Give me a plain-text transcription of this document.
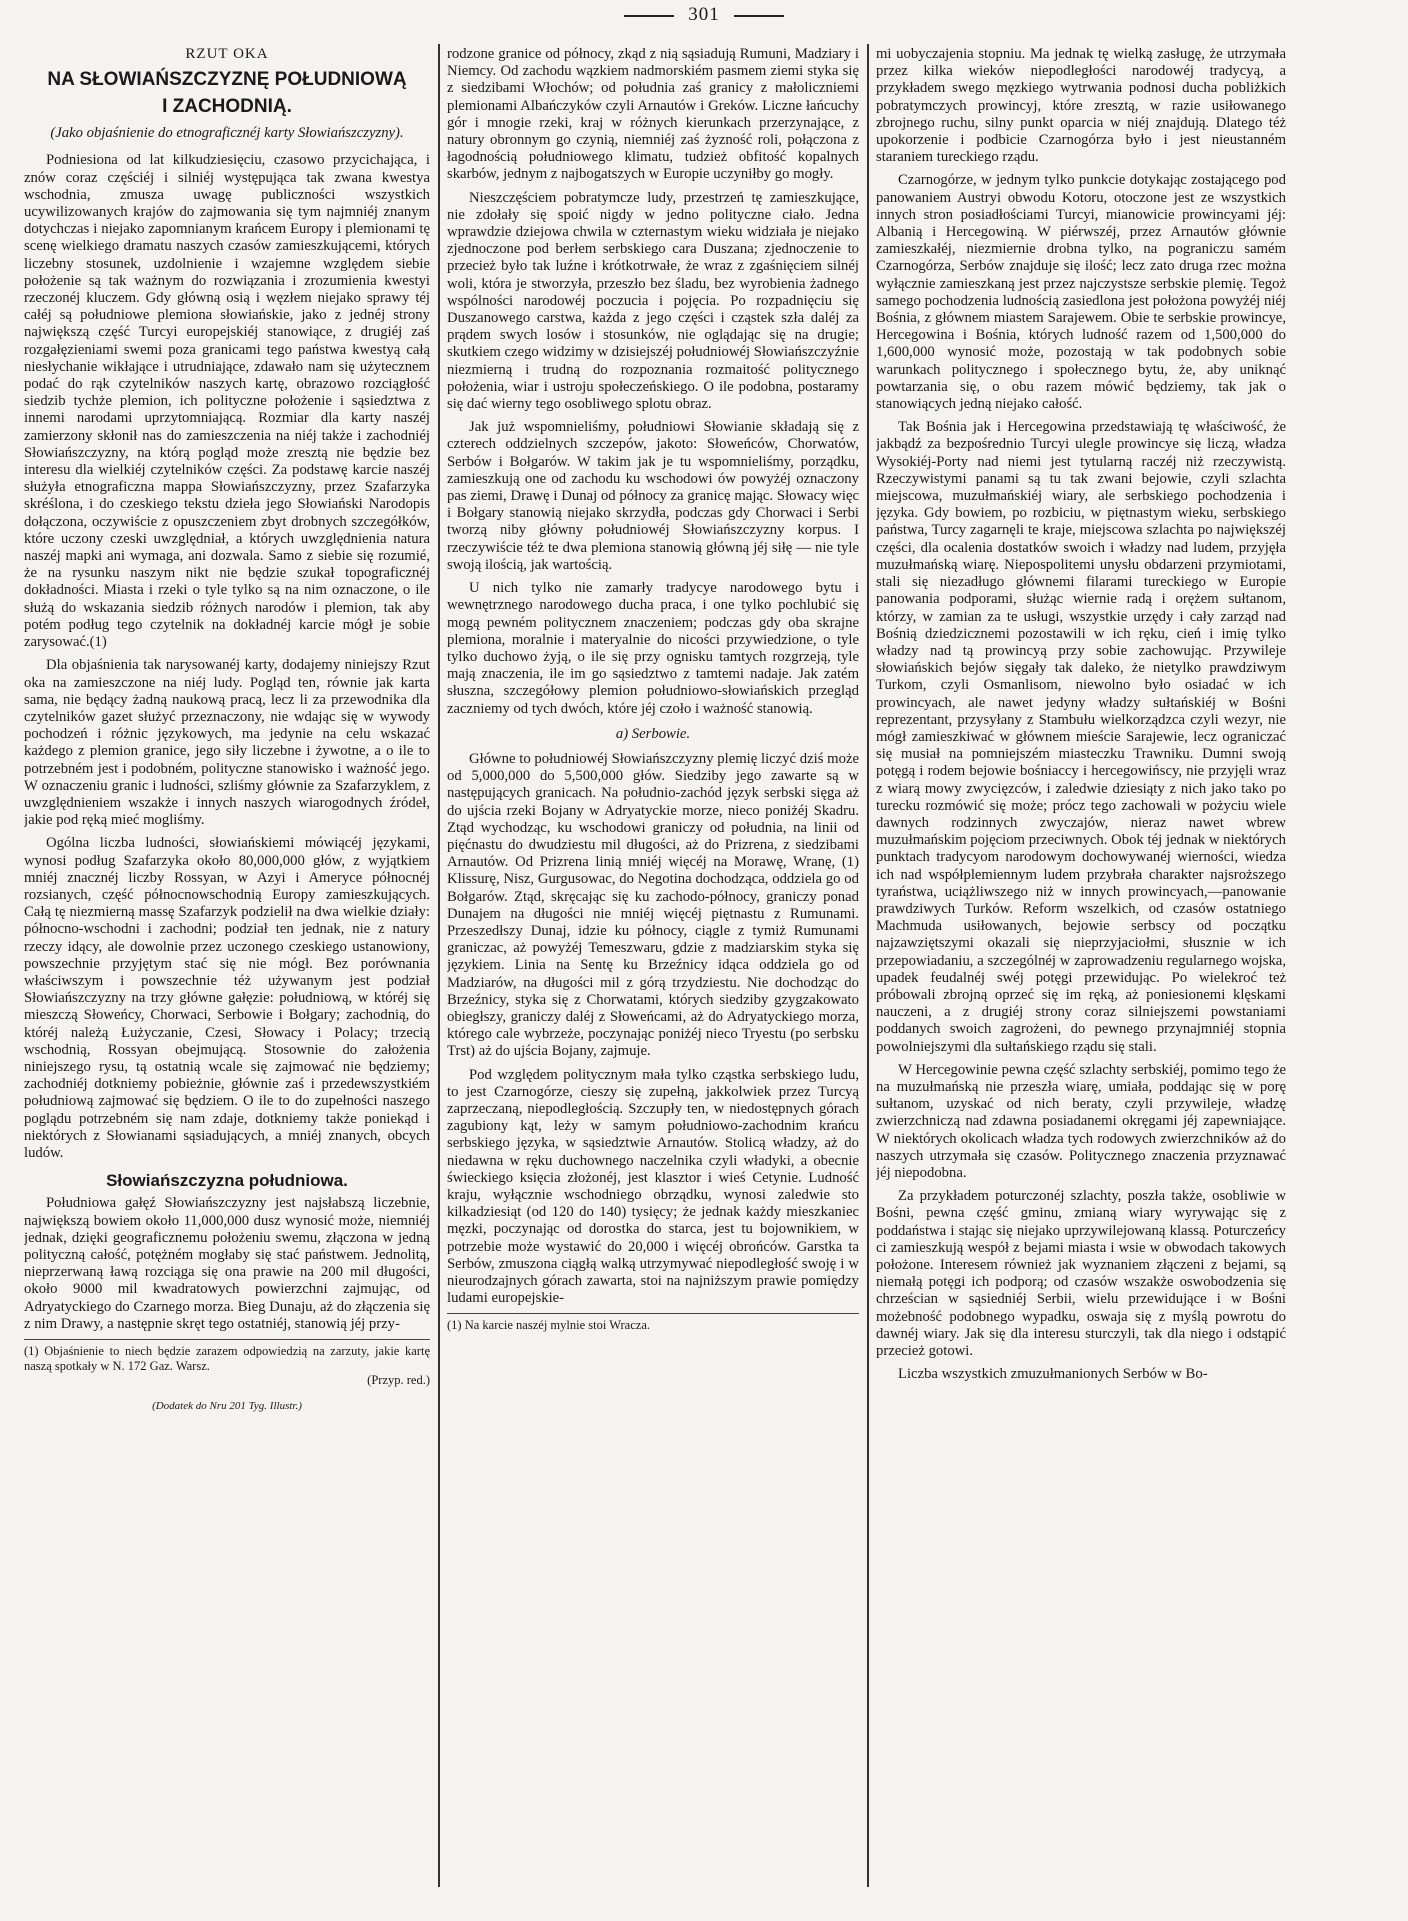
301
RZUT OKA
NA SŁOWIAŃSZCZYZNĘ POŁUDNIOWĄ
I ZACHODNIĄ.
(Jako objaśnienie do etnograficznéj karty Słowiańszczyzny).

Podniesiona od lat kilkudziesięciu, czasowo przycichająca, i znów coraz częściéj i silniéj występująca tak zwana kwestya wschodnia, zmusza uwagę publiczności wszystkich ucywilizowanych krajów do zajmowania się tym najmniéj znanym dotychczas i niejako zapomnianym krańcem Europy i plemionami tę scenę wielkiego dramatu naszych czasów zamieszkującemi, których liczebny stosunek, uzdolnienie i wzajemne względem siebie położenie są tak ważnym do rozwiązania i zrozumienia kwestyi rzeczonéj kluczem. Gdy główną osią i węzłem niejako sprawy téj całéj są południowe plemiona słowiańskie, jako z jednéj strony największą część Turcyi europejskiéj stanowiące, z drugiéj zaś rozgałęzieniami swemi poza granicami tego państwa kwestyą całą niesłychanie wikłające i utrudniające, zdawało nam się użytecznem podać do rąk czytelników naszych kartę, obrazowo rozciągłość siedzib tychże plemion, ich polityczne położenie i sąsiedztwa z innemi narodami uprzytomniającą. Rozmiar dla karty naszéj zamierzony skłonił nas do zamieszczenia na niéj także i zachodniéj Słowiańszczyzny, na którą pogląd może zresztą nie będzie bez interesu dla wielkiéj czytelników części. Za podstawę karcie naszéj służyła etnograficzna mappa Słowiańszczyzny, przez Szafarzyka skréślona, i do czeskiego tekstu dzieła jego Słowiański Narodopis dołączona, oczywiście z opuszczeniem zbyt drobnych szczegółków, które uczony czeski uwzględniał, a których uwzględnienia natura naszéj mapki ani wymaga, ani dozwala. Samo z siebie się rozumié, że na rysunku naszym nikt nie będzie szukał topograficznéj dokładności. Miasta i rzeki o tyle tylko są na nim oznaczone, o ile służą do wskazania siedzib różnych narodów i plemion, tak aby potém podług tego czytelnik na dokładnéj karcie mógł je sobie zarysować.(1)

Dla objaśnienia tak narysowanéj karty, dodajemy niniejszy Rzut oka na zamieszczone na niéj ludy. Pogląd ten, równie jak karta sama, nie będący żadną naukową pracą, lecz li za przewodnika dla czytelników gazet służyć przeznaczony, nie wdając się w wywody pochodzeń i różnic językowych, ma jedynie na celu wskazać każdego z plemion granice, jego siły liczebne i żywotne, a o ile to potrzebném jest i podobném, polityczne stanowisko i ważność jego. W oznaczeniu granic i ludności, szliśmy głównie za Szafarzyklem, z uwzględnieniem wszakże i innych naszych wiarogodnych źródeł, jakie pod ręką mieć mogliśmy.

Ogólna liczba ludności, słowiańskiemi mówiącéj językami, wynosi podług Szafarzyka około 80,000,000 głów, z wyjątkiem mniéj znacznéj liczby Rossyan, w Azyi i Ameryce północnéj rozsianych, część północnowschodnią Europy zamieszkujących. Całą tę niezmierną massę Szafarzyk podzielił na dwa wielkie działy: północno-wschodni i zachodni; podział ten jednak, nie z natury rzeczy idący, ale dowolnie przez uczonego czeskiego ustanowiony, powszechnie przyjętym stać się nie mógł. Bez porównania właściwszym i powszechnie téż używanym jest podział Słowiańszczyzny na trzy główne gałęzie: południową, w któréj się mieszczą Słoweńcy, Chorwaci, Serbowie i Bołgary; zachodnią, do któréj należą Łużyczanie, Czesi, Słowacy i Polacy; trzecią wschodnią, Rossyan obejmującą. Stosownie do założenia niniejszego rysu, tą ostatnią wcale się zajmować nie będziemy; zachodniéj dotkniemy pobieżnie, głównie zaś i przedewszystkiém południową zajmować się będziem. O ile to do zupełności naszego poglądu potrzebném się nam zdaje, dotkniemy także poniekąd i niektórych z Słowianami sąsiadujących, a mniéj znanych, obcych ludów.

Słowiańszczyzna południowa.

Południowa gałęź Słowiańszczyzny jest najsłabszą liczebnie, największą bowiem około 11,000,000 dusz wynosić może, niemniéj jednak, dzięki geograficznemu położeniu swemu, złączona w jedną polityczną całość, potężném mogłaby się stać państwem. Jednolitą, nieprzerwaną ławą rozciąga się ona prawie na 200 mil długości, około 9000 mil kwadratowych powierzchni zajmując, od Adryatyckiego do Czarnego morza. Bieg Dunaju, aż do złączenia się z nim Drawy, a następnie skręt tego ostatniéj, stanowią jéj przy-

(1) Objaśnienie to niech będzie zarazem odpowiedzią na zarzuty, jakie kartę naszą spotkały w N. 172 Gaz. Warsz.
(Przyp. red.)
(Dodatek do Nru 201 Tyg. Illustr.)

rodzone granice od północy, zkąd z nią sąsiadują Rumuni, Madziary i Niemcy. Od zachodu wązkiem nadmorskiém pasmem ziemi styka się z siedzibami Włochów; od południa zaś granicy z małoliczniemi plemionami Albańczyków czyli Arnautów i Greków. Liczne łańcuchy gór i mnogie rzeki, kraj w różnych kierunkach przerzynające, z natury obronnym go czynią, niemniéj zaś żyzność roli, połączona z łagodnością południowego klimatu, tudzież obfitość kopalnych skarbów, jednym z najbogatszych w Europie uczyniłby go mogły.

Nieszczęściem pobratymcze ludy, przestrzeń tę zamieszkujące, nie zdołały się spoić nigdy w jedno polityczne ciało. Jedna wprawdzie dziejowa chwila w czternastym wieku widziała je niejako zjednoczone pod berłem serbskiego cara Duszana; zjednoczenie to przecież było tak luźne i krótkotrwałe, że wraz z zgaśnięciem silnéj woli, która je stworzyła, przeszło bez śladu, bez wyrobienia żadnego wspólności narodowéj poczucia i pojęcia. Po rozpadnięciu się Duszanowego carstwa, każda z jego części i cząstek szła daléj za prądem swych losów i stosunków, nie oglądając się na drugie; skutkiem czego widzimy w dzisiejszéj południowéj Słowiańszczyźnie niezmierną i trudną do rozpoznania rozmaitość politycznego położenia, wiar i ustroju społeczeńskiego. O ile podobna, postaramy się dać wierny tego osobliwego splotu obraz.

Jak już wspomnieliśmy, południowi Słowianie składają się z czterech oddzielnych szczepów, jakoto: Słoweńców, Chorwatów, Serbów i Bołgarów. W takim jak je tu wspomnieliśmy, porządku, zamieszkują one od zachodu ku wschodowi ów powyżéj oznaczony pas ziemi, Drawę i Dunaj od północy za granicę mając. Słowacy więc i Bołgary stanowią niejako skrzydła, podczas gdy Chorwaci i Serbi tworzą niby główny południowéj Słowiańszczyzny korpus. I rzeczywiście téż te dwa plemiona stanowią główną jéj siłę — nie tyle swoją ilością, jak wartością.

U nich tylko nie zamarły tradycye narodowego bytu i wewnętrznego narodowego ducha praca, i one tylko pochlubić się mogą pewném politycznem znaczeniem; podczas gdy oba skrajne plemiona, moralnie i materyalnie do nicości przywiedzione, o tyle tylko duchowo żyją, o ile się przy ognisku tamtych rozgrzeją, tyle mają znaczenia, ile im go sąsiedztwo z tamtemi nadaje. Jak zatém słuszna, szczegółowy plemion południowo-słowiańskich przegląd zaczniemy od tych dwóch, które jéj czoło i ważność stanowią.

a) Serbowie.

Główne to południowéj Słowiańszczyzny plemię liczyć dziś może od 5,000,000 do 5,500,000 głów. Siedziby jego zawarte są w następujących granicach. Na południo-zachód język serbski sięga aż do ujścia rzeki Bojany w Adryatyckie morze, nieco poniżéj Skadru. Ztąd wychodząc, ku wschodowi graniczy od południa, na linii od pięćnastu do dwudziestu mil długości, aż do Prizrena, z siedzibami Arnautów. Od Prizrena linią mniéj więcéj na Morawę, Wranę, (1) Klissurę, Nisz, Gurgusowac, do Negotina dochodząca, oddziela go od Bołgarów. Ztąd, skręcając się ku zachodo-północy, graniczy ponad Dunajem na długości nie mniéj więcéj piętnastu z Rumunami. Przeszedłszy Dunaj, idzie ku północy, ciągle z tymiż Rumunami graniczac, aż powyżéj Temeszwaru, gdzie z madziarskim styka się językiem. Linia na Sentę ku Brzeźnicy idąca oddziela go od Madziarów, na długości mil z górą trzydziestu. Nie dochodząc do Brzeźnicy, styka się z Chorwatami, których siedziby gzygzakowato obiegłszy, graniczy daléj z Słoweńcami, aż do Adryatyckiego morza, którego cale wybrzeże, poczynając poniżéj nieco Tryestu (po serbsku Trst) aż do ujścia Bojany, zajmuje.

Pod względem politycznym mała tylko cząstka serbskiego ludu, to jest Czarnogórze, cieszy się zupełną, jakkolwiek przez Turcyą zaprzeczaną, niepodległością. Szczupły ten, w niedostępnych górach zagubiony kąt, leży w samym południowo-zachodnim krańcu serbskiego języka, w sąsiedztwie Arnautów. Stolicą władzy, aż do niedawna w ręku duchownego naczelnika czyli władyki, a obecnie świeckiego księcia złożonéj, jest klasztor i wieś Cetynie. Ludność kraju, wyłącznie wschodniego obrządku, wynosi zaledwie sto kilkadziesiąt (od 120 do 140) tysięcy; że jednak każdy mieszkaniec męzki, poczynając od dorostka do starca, jest tu bojownikiem, w potrzebie może wystawić do 20,000 i więcéj obrońców. Garstka ta Serbów, zmuszona ciągłą walką utrzymywać niepodległość swoję i w nieurodzajnych górach zawarta, stoi na najniższym prawie pomiędzy ludami europejskie-

(1) Na karcie naszéj mylnie stoi Wracza.

mi uobyczajenia stopniu. Ma jednak tę wielką zasługę, że utrzymała przez kilka wieków niepodległości narodowéj tradycyą, a przykładem swego męzkiego wytrwania podnosi ducha pobliżkich pobratymczych prowincyj, które zresztą, w razie usiłowanego zbrojnego ruchu, silny punkt oparcia w niéj znajdują. Dlatego téż upokorzenie i podbicie Czarnogórza było i jest nieustanném staraniem tureckiego rządu.

Czarnogórze, w jednym tylko punkcie dotykając zostającego pod panowaniem Austryi obwodu Kotoru, otoczone jest ze wszystkich innych stron posiadłościami Turcyi, mianowicie prowincyami jéj: Albanią i Hercegowiną. W piérwszéj, przez Arnautów głównie zamieszkałéj, niezmiernie drobna tylko, na pograniczu samém Czarnogórza, Serbów znajduje się ilość; lecz zato druga rzec można wyłącznie zamieszkaną jest przez najczystsze serbskie plemię. Tegoż samego pochodzenia ludnością zasiedlona jest położona powyżéj niéj Bośnia, z głównem miastem Sarajewem. Obie te serbskie prowincye, Hercegowina i Bośnia, których ludność razem od 1,500,000 do 1,600,000 wynosić może, pozostają w tak podobnych sobie warunkach politycznego i społecznego bytu, że, aby uniknąć powtarzania się, o obu razem mówić będziemy, tak jak o stanowiących jedną niejako całość.

Tak Bośnia jak i Hercegowina przedstawiają tę właściwość, że jakbądź za bezpośrednio Turcyi ulegle prowincye się liczą, władza Wysokiéj-Porty nad niemi jest tytularną raczéj niż rzeczywistą. Rzeczywistymi panami są tu tak zwani bejowie, czyli szlachta miejscowa, muzułmańskiéj wiary, ale serbskiego pochodzenia i języka. Gdy bowiem, po rozbiciu, w piętnastym wieku, serbskiego państwa, Turcy zagarnęli te kraje, miejscowa szlachta po największéj części, dla ocalenia dostatków swoich i władzy nad ludem, przyjęła muzułmańską wiarę. Niepospolitemi unysłu obdarzeni przymiotami, stali się niezadługo głównemi filarami tureckiego w Europie panowania podporami, służąc wiernie radą i orężem sułtanom, którzy, w zamian za te usługi, wszystkie urzędy i cały zarząd nad Bośnią dziedzicznemi pozostawili w ich ręku, cień i imię tylko władzy nad tą prowincyą przy sobie zachowując. Przywileje słowiańskich bejów sięgały tak daleko, że nietylko prawdziwym Turkom, czyli Osmanlisom, niewolno było osiadać w ich prowincyach, ale nawet jedyny władzy sułtańskiéj w Bośni reprezentant, przysyłany z Stambułu wielkorządzca czyli wezyr, nie mógł zamieszkiwać w głównem mieście Sarajewie, lecz ograniczać się musiał na pomniejszém miasteczku Trawniku. Dumni swoją potęgą i rodem bejowie bośniaccy i hercegowińscy, nie przyjęli wraz z wiarą mowy zwycięzców, i zaledwie dziesiąty z nich jako tako po turecku rozmówić się może; prócz tego zachowali w pożyciu wiele dawnych rodzinnych zwyczajów, nieraz nawet wbrew muzułmańskim pojęciom przeciwnych. Obok téj jednak w niektórych punktach tradycyom narodowym dochowywanéj wierności, wiedza ich nad współplemiennym ludem przybrała charakter najsroższego tyraństwa, uciążliwszego niż w innych prowincyach,—panowanie prawdziwych Turków. Reform wszelkich, od czasów ostatniego Machmuda usiłowanych, bejowie serbscy od początku najzawziętszymi okazali się nieprzyjaciołmi, słusznie w ich przepowiadaniu, a szczególnéj w zaprowadzeniu regularnego wojska, upadek feudalnéj swéj potęgi przewidując. Po wielekroć też próbowali zbrojną oprzeć się im ręką, aż poniesionemi klęskami nauczeni, a z drugiéj strony coraz silniejszemi powstaniami poddanych swoich zagrożeni, do pewnego przynajmniéj stopnia powolniejszymi dla sułtańskiego rządu się stali.

W Hercegowinie pewna część szlachty serbskiéj, pomimo tego że na muzułmańską nie przeszła wiarę, umiała, poddając się w porę sułtanom, uzyskać od nich beraty, czyli przywileje, władzę zwierzchniczą nad zdawna posiadanemi okręgami jéj zapewniające. W niektórych okolicach władza tych rodowych zwierzchników aż do naszych utrzymała się czasów. Politycznego znaczenia przyznawać jéj niepodobna.

Za przykładem poturczonéj szlachty, poszła także, osobliwie w Bośni, pewna część gminu, zmianą wiary wyrywając się z poddaństwa i stając się niejako uprzywilejowaną klassą. Poturczeńcy ci zamieszkują wespół z bejami miasta i wsie w obwodach takowych położone. Interesem również jak wyznaniem złączeni z bejami, są niemałą potęgi ich podporą; od czasów wszakże oswobodzenia się chrześcian w sąsiedniéj Serbii, wielu przewidujące i w Bośni możebność podobnego wypadku, oswaja się z myślą powrotu do dawnéj wiary. Jak się dla interesu sturczyli, tak dla niego i odstąpić przecież gotowi.

Liczba wszystkich zmuzułmanionych Serbów w Bo-
